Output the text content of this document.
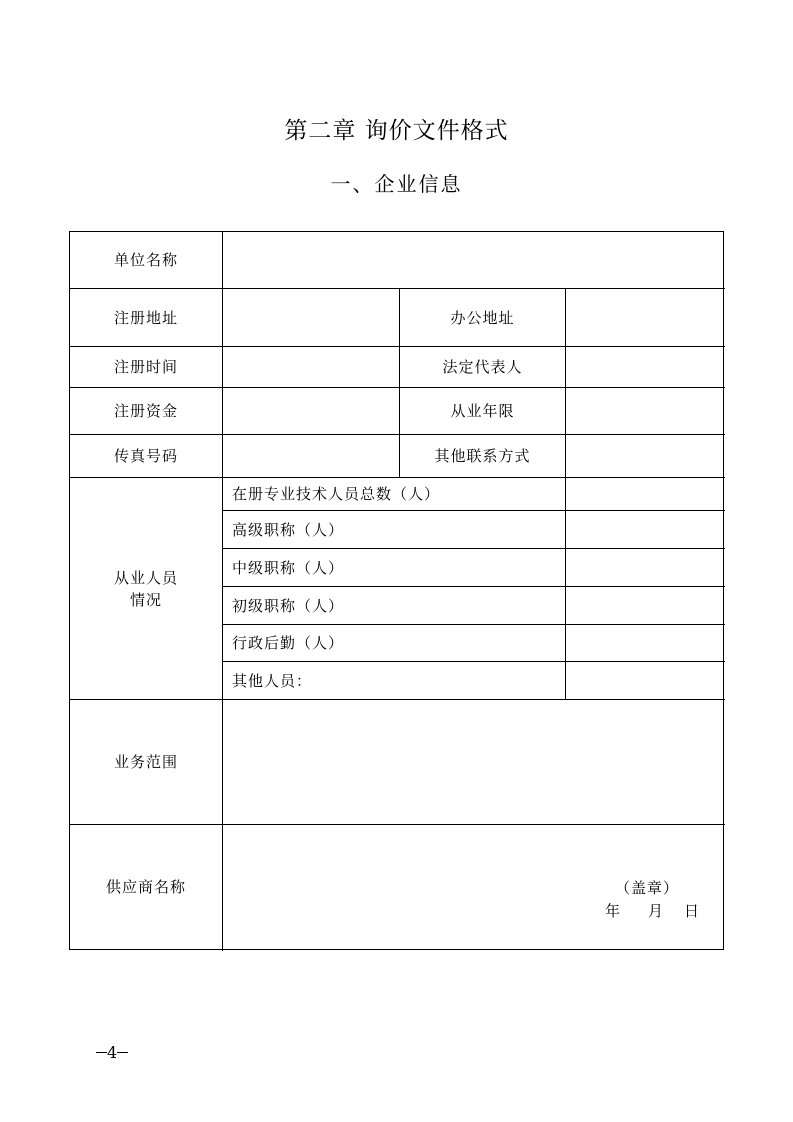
第二章 询价文件格式
一、企业信息
单位名称
注册地址	办公地址
注册时间	法定代表人
注册资金	从业年限
传真号码	其他联系方式
从业人员
情况
在册专业技术人员总数（人）
高级职称（人）
中级职称（人）
初级职称（人）
行政后勤（人）
其他人员：
业务范围
供应商名称	（盖章）
年 月 日
4
